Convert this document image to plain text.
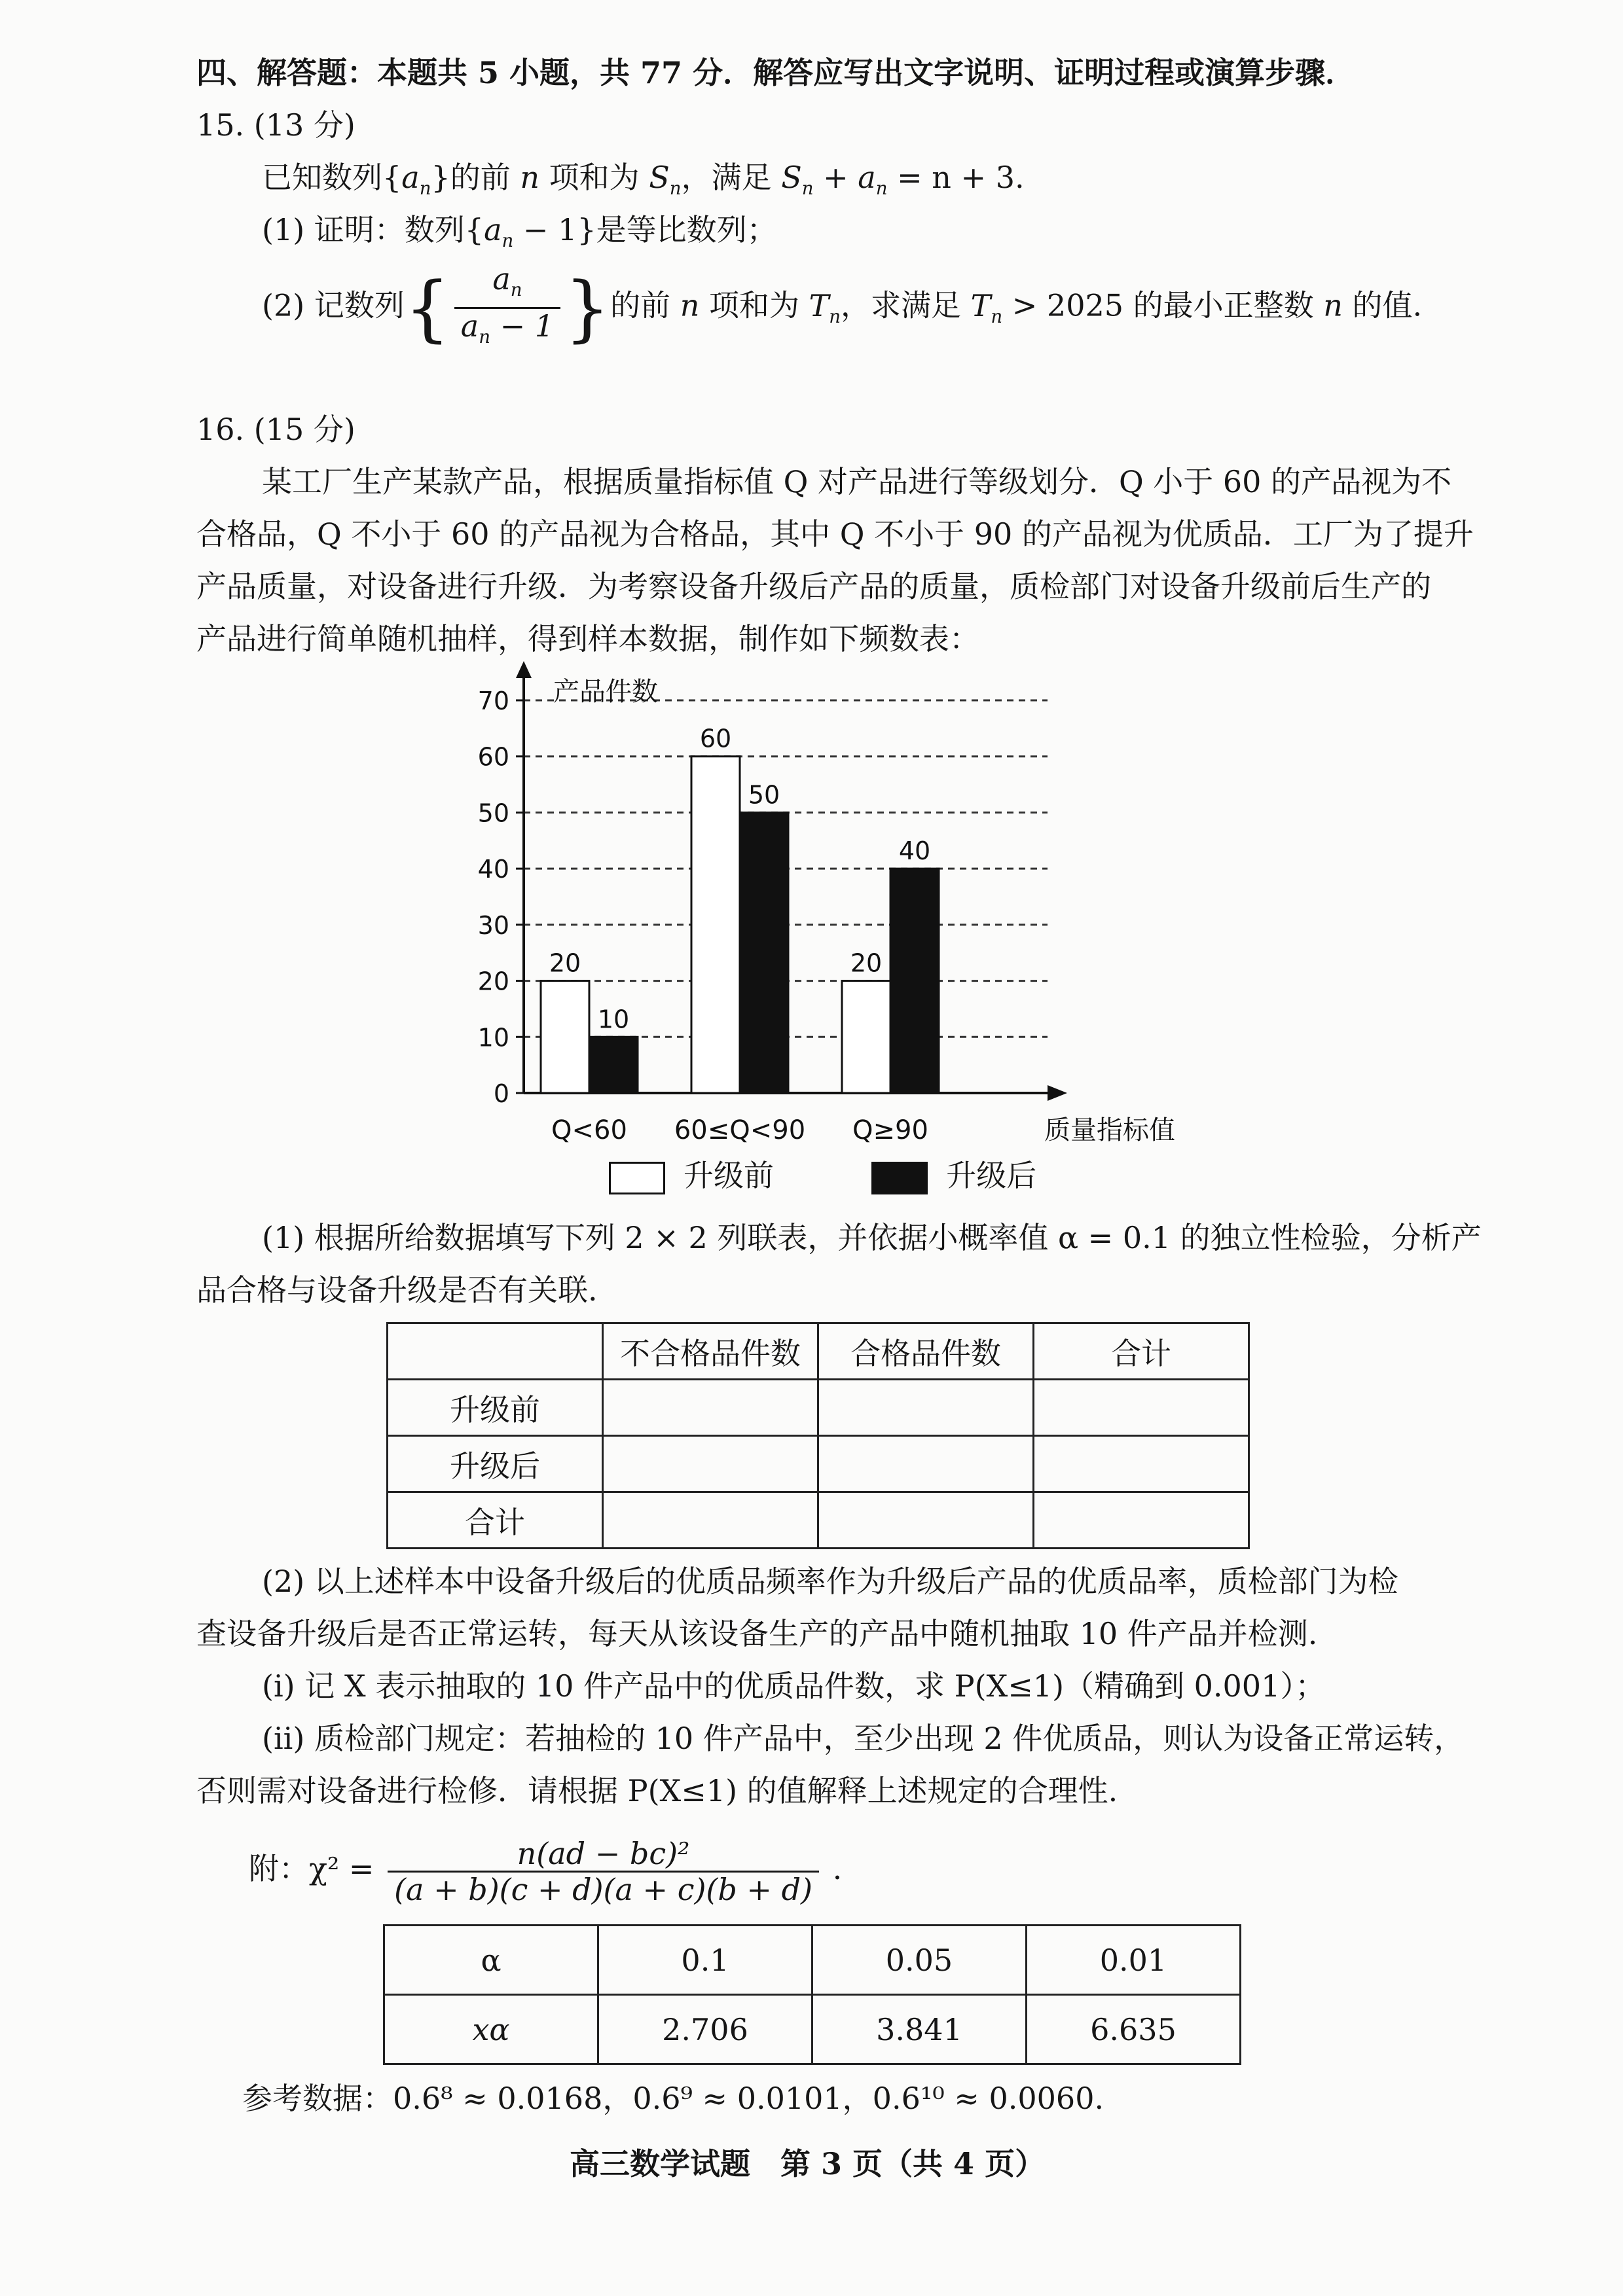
四、解答题：本题共 5 小题，共 77 分．解答应写出文字说明、证明过程或演算步骤．
15. (13 分)
已知数列$\{a_n\}$的前 n 项和为 $S_n$，满足 $S_n + a_n = n + 3$.
(1) 证明：数列$\{a_n - 1\}$是等比数列；
(2) 记数列{ $\frac{a_n}{a_n - 1}$ }的前 n 项和为 $T_n$，求满足 $T_n > 2025$ 的最小正整数 n 的值.
16. (15 分)
某工厂生产某款产品，根据质量指标值 Q 对产品进行等级划分．Q 小于 60 的产品视为不
合格品，Q 不小于 60 的产品视为合格品，其中 Q 不小于 90 的产品视为优质品．工厂为了提升
产品质量，对设备进行升级．为考察设备升级后产品的质量，质检部门对设备升级前后生产的
产品进行简单随机抽样，得到样本数据，制作如下频数表：
0
10
20
30
40
50
60
70 产品件数
质量指标值
20
10
Q<60
60
50
60≤Q<90
20
40
Q≥90
升级前	升级后
(1) 根据所给数据填写下列 2 × 2 列联表，并依据小概率值 α = 0.1 的独立性检验，分析产
品合格与设备升级是否有关联.
	不合格品件数	合格品件数	合计
升级前			
升级后			
合计			
(2) 以上述样本中设备升级后的优质品频率作为升级后产品的优质品率，质检部门为检
查设备升级后是否正常运转，每天从该设备生产的产品中随机抽取 10 件产品并检测.
(i) 记 X 表示抽取的 10 件产品中的优质品件数，求 P(X≤1)（精确到 0.001）；
(ii) 质检部门规定：若抽检的 10 件产品中，至少出现 2 件优质品，则认为设备正常运转，
否则需对设备进行检修．请根据 P(X≤1) 的值解释上述规定的合理性.
附：$\chi^2 = \frac{\text{n(ad − bc)²}}{(a + b)(c + d)(a + c)(b + d)}$ .
α	0.1	0.05	0.01
xα	2.706	3.841	6.635
参考数据：0.6⁸ ≈ 0.0168，0.6⁹ ≈ 0.0101，0.6¹⁰ ≈ 0.0060.
高三数学试题　第 3 页（共 4 页）
